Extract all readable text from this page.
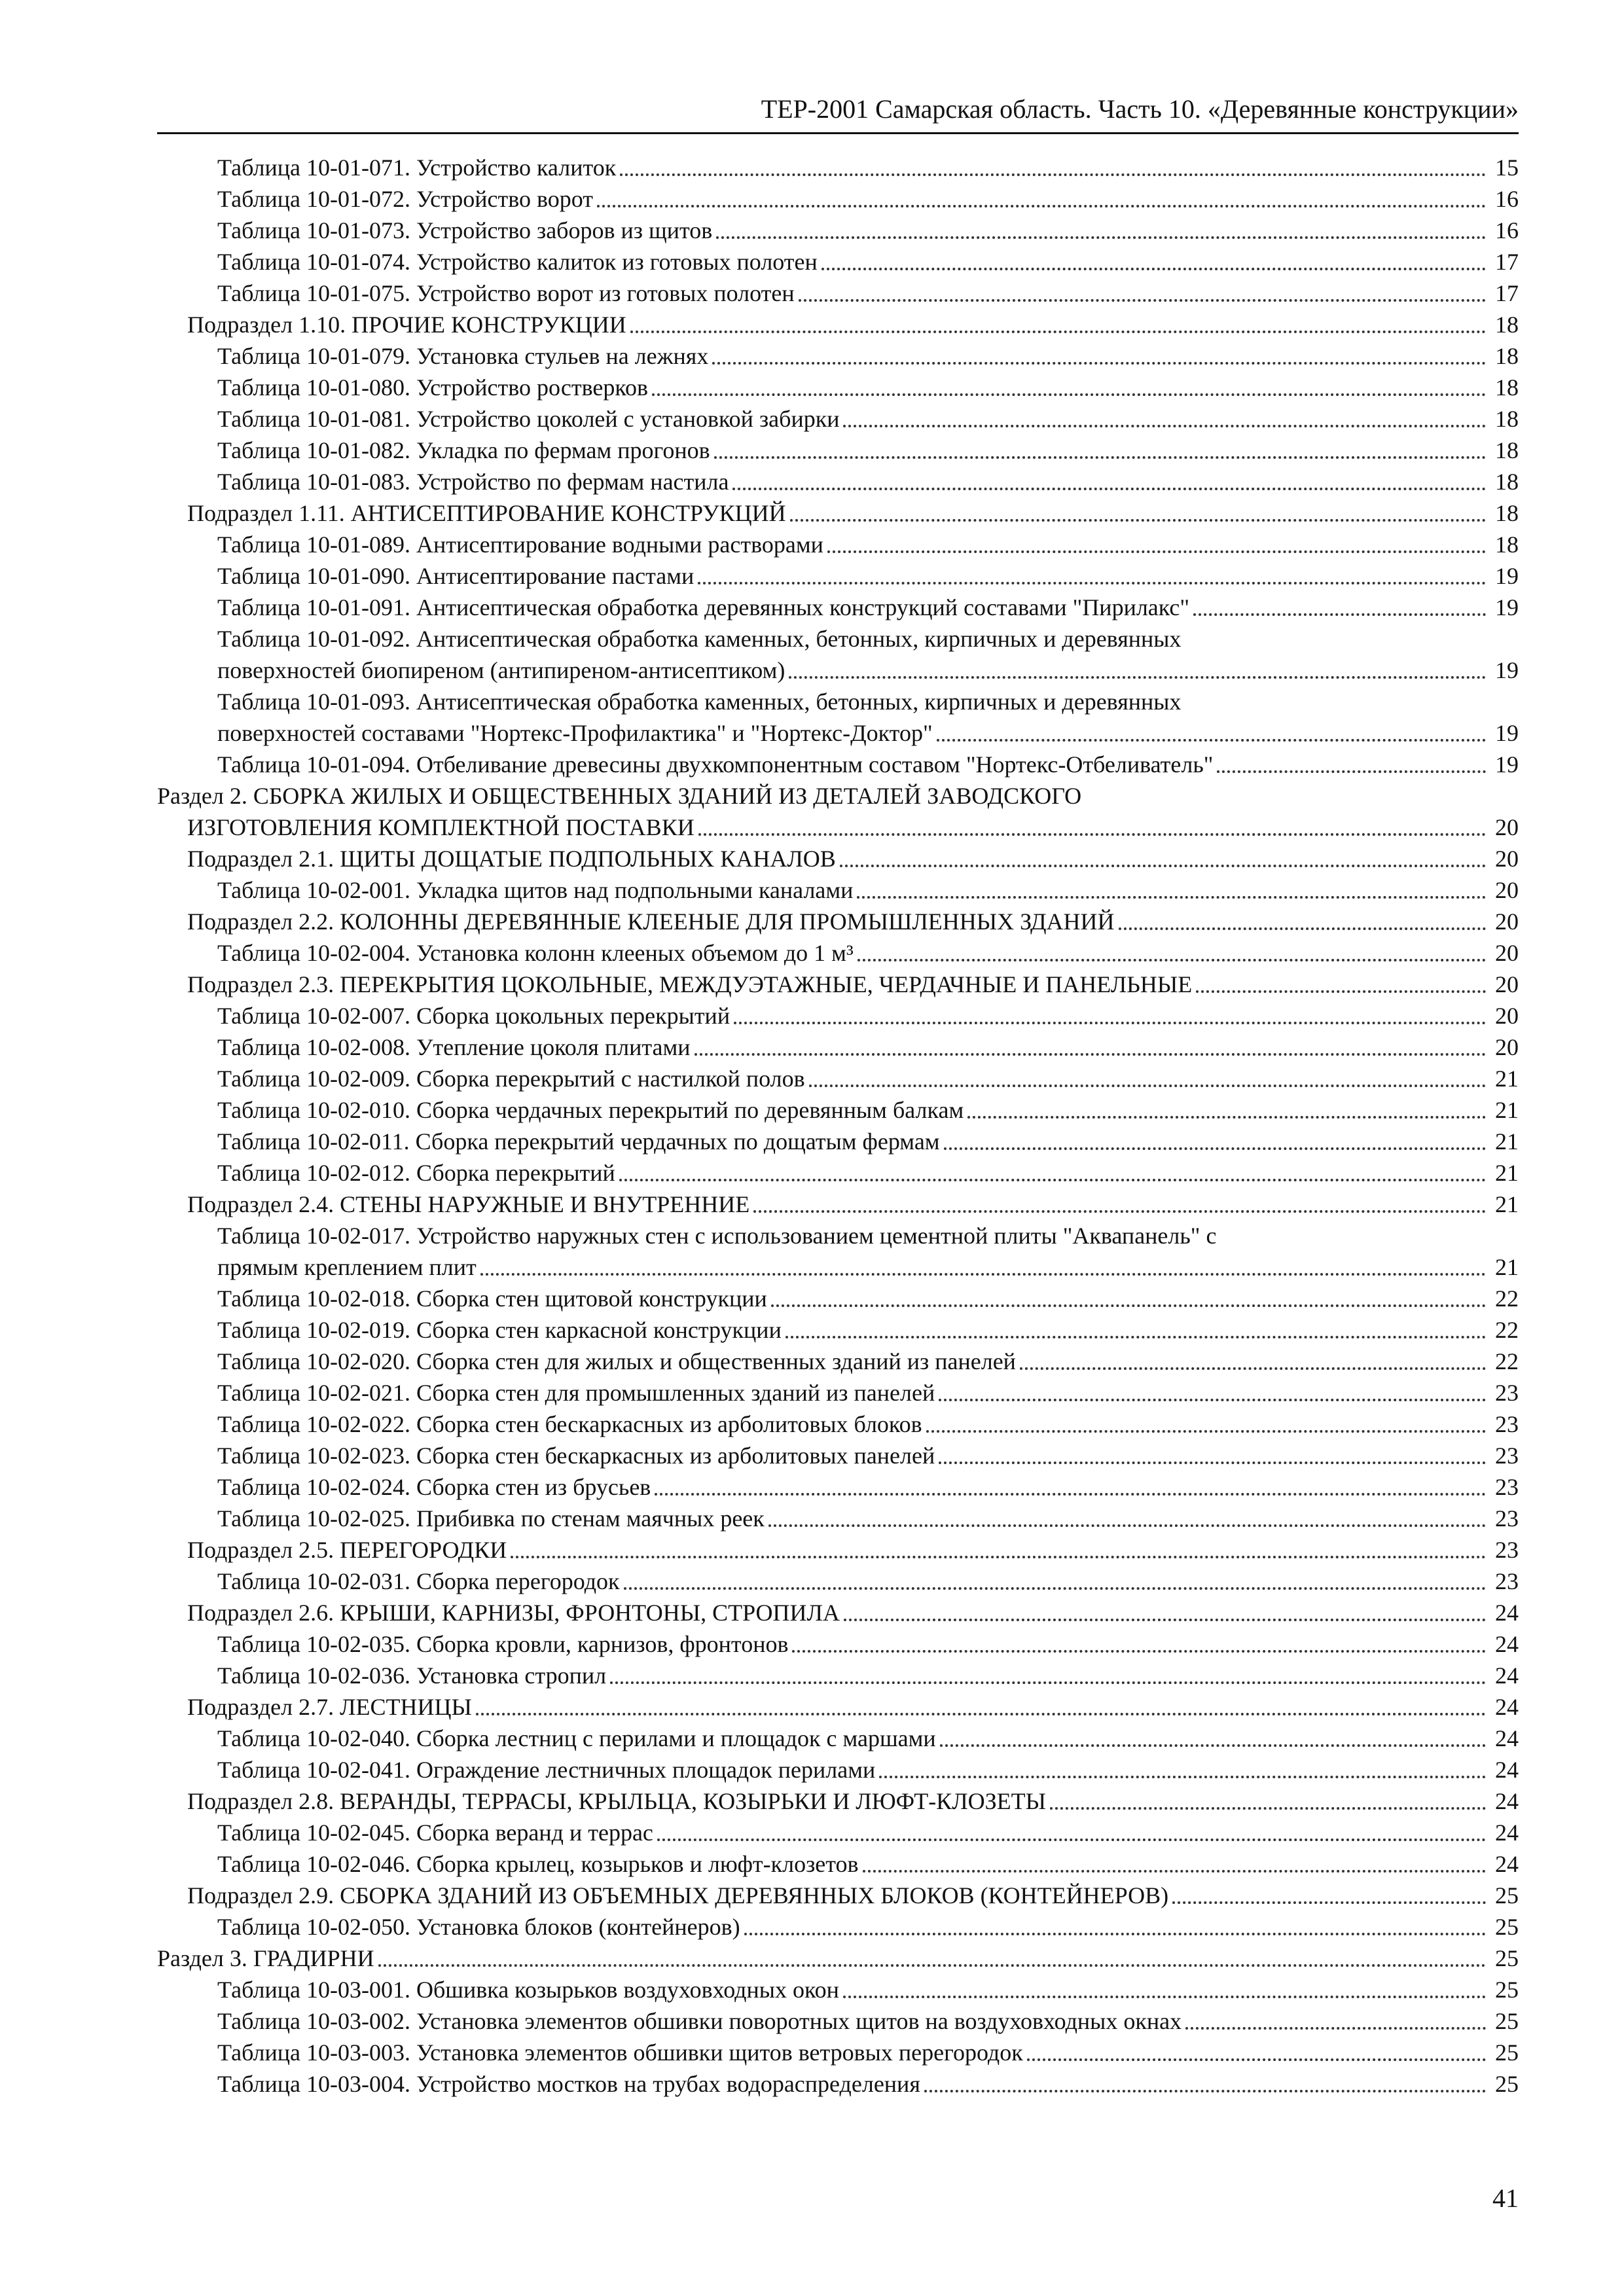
ТЕР-2001 Самарская область. Часть 10. «Деревянные конструкции»
Таблица 10-01-071. Устройство калиток	15
Таблица 10-01-072. Устройство ворот	16
Таблица 10-01-073. Устройство заборов из щитов	16
Таблица 10-01-074. Устройство калиток из готовых полотен	17
Таблица 10-01-075. Устройство ворот из готовых полотен	17
Подраздел 1.10. ПРОЧИЕ КОНСТРУКЦИИ	18
Таблица 10-01-079. Установка стульев на лежнях	18
Таблица 10-01-080. Устройство ростверков	18
Таблица 10-01-081. Устройство цоколей с установкой забирки	18
Таблица 10-01-082. Укладка по фермам прогонов	18
Таблица 10-01-083. Устройство по фермам настила	18
Подраздел 1.11. АНТИСЕПТИРОВАНИЕ КОНСТРУКЦИЙ	18
Таблица 10-01-089. Антисептирование водными растворами	18
Таблица 10-01-090. Антисептирование пастами	19
Таблица 10-01-091. Антисептическая обработка деревянных конструкций составами "Пирилакс"	19
Таблица 10-01-092. Антисептическая обработка каменных, бетонных, кирпичных и деревянных
поверхностей биопиреном (антипиреном-антисептиком)	19
Таблица 10-01-093. Антисептическая обработка каменных, бетонных, кирпичных и деревянных
поверхностей составами "Нортекс-Профилактика" и "Нортекс-Доктор"	19
Таблица 10-01-094. Отбеливание древесины двухкомпонентным составом "Нортекс-Отбеливатель"	19
Раздел 2. СБОРКА ЖИЛЫХ И ОБЩЕСТВЕННЫХ ЗДАНИЙ ИЗ ДЕТАЛЕЙ ЗАВОДСКОГО
ИЗГОТОВЛЕНИЯ КОМПЛЕКТНОЙ ПОСТАВКИ	20
Подраздел 2.1. ЩИТЫ ДОЩАТЫЕ ПОДПОЛЬНЫХ КАНАЛОВ	20
Таблица 10-02-001. Укладка щитов над подпольными каналами	20
Подраздел 2.2. КОЛОННЫ ДЕРЕВЯННЫЕ КЛЕЕНЫЕ ДЛЯ ПРОМЫШЛЕННЫХ ЗДАНИЙ	20
Таблица 10-02-004. Установка колонн клееных объемом до 1 м³	20
Подраздел 2.3. ПЕРЕКРЫТИЯ ЦОКОЛЬНЫЕ, МЕЖДУЭТАЖНЫЕ, ЧЕРДАЧНЫЕ И ПАНЕЛЬНЫЕ	20
Таблица 10-02-007. Сборка цокольных перекрытий	20
Таблица 10-02-008. Утепление цоколя плитами	20
Таблица 10-02-009. Сборка перекрытий с настилкой полов	21
Таблица 10-02-010. Сборка чердачных перекрытий по деревянным балкам	21
Таблица 10-02-011. Сборка перекрытий чердачных по дощатым фермам	21
Таблица 10-02-012. Сборка перекрытий	21
Подраздел 2.4. СТЕНЫ НАРУЖНЫЕ И ВНУТРЕННИЕ	21
Таблица 10-02-017. Устройство наружных стен с использованием цементной плиты "Аквапанель" с
прямым креплением плит	21
Таблица 10-02-018. Сборка стен щитовой конструкции	22
Таблица 10-02-019. Сборка стен каркасной конструкции	22
Таблица 10-02-020. Сборка стен для жилых и общественных зданий из панелей	22
Таблица 10-02-021. Сборка стен для промышленных зданий из панелей	23
Таблица 10-02-022. Сборка стен бескаркасных из арболитовых блоков	23
Таблица 10-02-023. Сборка стен бескаркасных из арболитовых панелей	23
Таблица 10-02-024. Сборка стен из брусьев	23
Таблица 10-02-025. Прибивка по стенам маячных реек	23
Подраздел 2.5. ПЕРЕГОРОДКИ	23
Таблица 10-02-031. Сборка перегородок	23
Подраздел 2.6. КРЫШИ, КАРНИЗЫ, ФРОНТОНЫ, СТРОПИЛА	24
Таблица 10-02-035. Сборка кровли, карнизов, фронтонов	24
Таблица 10-02-036. Установка стропил	24
Подраздел 2.7. ЛЕСТНИЦЫ	24
Таблица 10-02-040. Сборка лестниц с перилами и площадок с маршами	24
Таблица 10-02-041. Ограждение лестничных площадок перилами	24
Подраздел 2.8. ВЕРАНДЫ, ТЕРРАСЫ, КРЫЛЬЦА, КОЗЫРЬКИ И ЛЮФТ-КЛОЗЕТЫ	24
Таблица 10-02-045. Сборка веранд и террас	24
Таблица 10-02-046. Сборка крылец, козырьков и люфт-клозетов	24
Подраздел 2.9. СБОРКА ЗДАНИЙ ИЗ ОБЪЕМНЫХ ДЕРЕВЯННЫХ БЛОКОВ (КОНТЕЙНЕРОВ)	25
Таблица 10-02-050. Установка блоков (контейнеров)	25
Раздел 3. ГРАДИРНИ	25
Таблица 10-03-001. Обшивка козырьков воздуховходных окон	25
Таблица 10-03-002. Установка элементов обшивки поворотных щитов на воздуховходных окнах	25
Таблица 10-03-003. Установка элементов обшивки щитов ветровых перегородок	25
Таблица 10-03-004. Устройство мостков на трубах водораспределения	25
41
